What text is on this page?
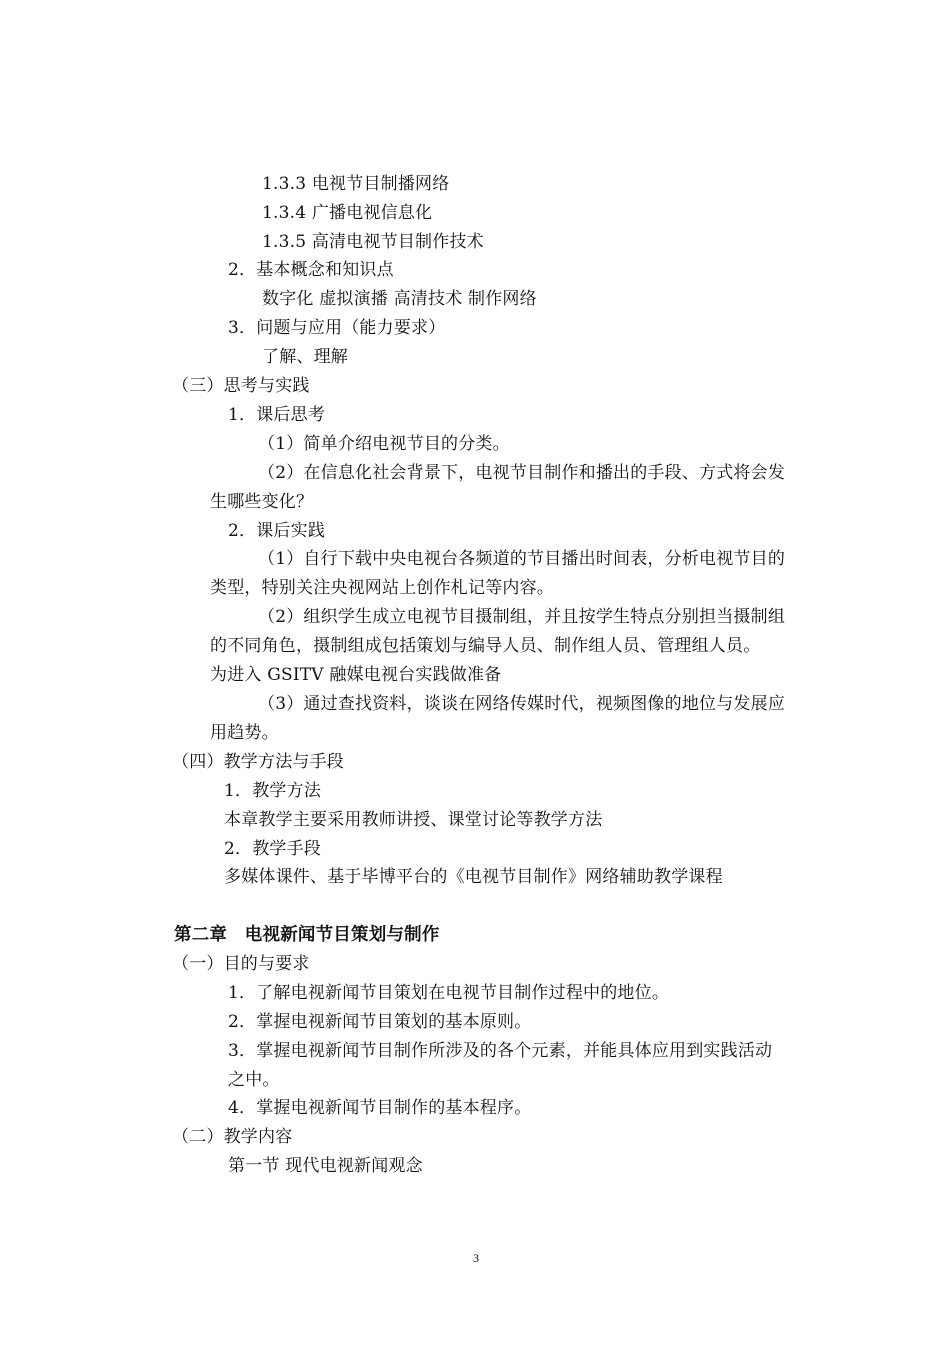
1.3.3 电视节目制播网络
1.3.4 广播电视信息化
1.3.5 高清电视节目制作技术
2．基本概念和知识点
数字化 虚拟演播 高清技术 制作网络
3．问题与应用（能力要求）
了解、理解
（三）思考与实践
1．课后思考
（1）简单介绍电视节目的分类。
（2）在信息化社会背景下，电视节目制作和播出的手段、方式将会发
生哪些变化？
2．课后实践
（1）自行下载中央电视台各频道的节目播出时间表，分析电视节目的
类型，特别关注央视网站上创作札记等内容。
（2）组织学生成立电视节目摄制组，并且按学生特点分别担当摄制组
的不同角色，摄制组成包括策划与编导人员、制作组人员、管理组人员。
为进入 GSITV 融媒电视台实践做准备
（3）通过查找资料，谈谈在网络传媒时代，视频图像的地位与发展应
用趋势。
（四）教学方法与手段
1．教学方法
本章教学主要采用教师讲授、课堂讨论等教学方法
2．教学手段
多媒体课件、基于毕博平台的《电视节目制作》网络辅助教学课程
第二章　电视新闻节目策划与制作
（一）目的与要求
1．了解电视新闻节目策划在电视节目制作过程中的地位。
2．掌握电视新闻节目策划的基本原则。
3．掌握电视新闻节目制作所涉及的各个元素，并能具体应用到实践活动
之中。
4．掌握电视新闻节目制作的基本程序。
（二）教学内容
第一节 现代电视新闻观念
3
